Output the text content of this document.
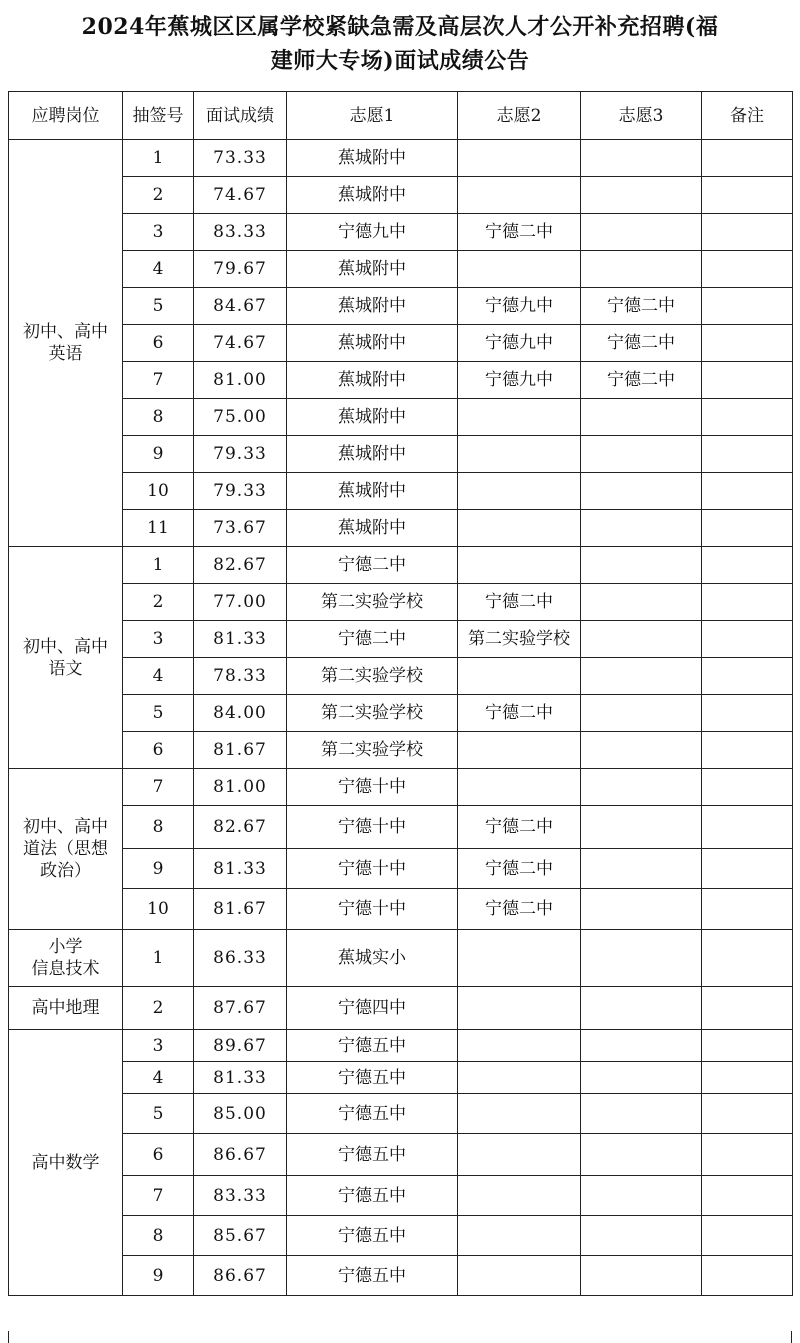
2024年蕉城区区属学校紧缺急需及高层次人才公开补充招聘(福
建师大专场)面试成绩公告
应聘岗位	抽签号	面试成绩	志愿1	志愿2	志愿3	备注

初中、高中
英语	1	73.33	蕉城附中			
	2	74.67	蕉城附中			
	3	83.33	宁德九中	宁德二中		
	4	79.67	蕉城附中			
	5	84.67	蕉城附中	宁德九中	宁德二中	
	6	74.67	蕉城附中	宁德九中	宁德二中	
	7	81.00	蕉城附中	宁德九中	宁德二中	
	8	75.00	蕉城附中			
	9	79.33	蕉城附中			
	10	79.33	蕉城附中			
	11	73.67	蕉城附中			

初中、高中
语文	1	82.67	宁德二中			
	2	77.00	第二实验学校	宁德二中		
	3	81.33	宁德二中	第二实验学校		
	4	78.33	第二实验学校			
	5	84.00	第二实验学校	宁德二中		
	6	81.67	第二实验学校			

初中、高中
道法（思想
政治）	7	81.00	宁德十中			
	8	82.67	宁德十中	宁德二中		
	9	81.33	宁德十中	宁德二中		
	10	81.67	宁德十中	宁德二中		

小学
信息技术	1	86.33	蕉城实小			

高中地理	2	87.67	宁德四中			

高中数学	3	89.67	宁德五中			
	4	81.33	宁德五中			
	5	85.00	宁德五中			
	6	86.67	宁德五中			
	7	83.33	宁德五中			
	8	85.67	宁德五中			
	9	86.67	宁德五中			
